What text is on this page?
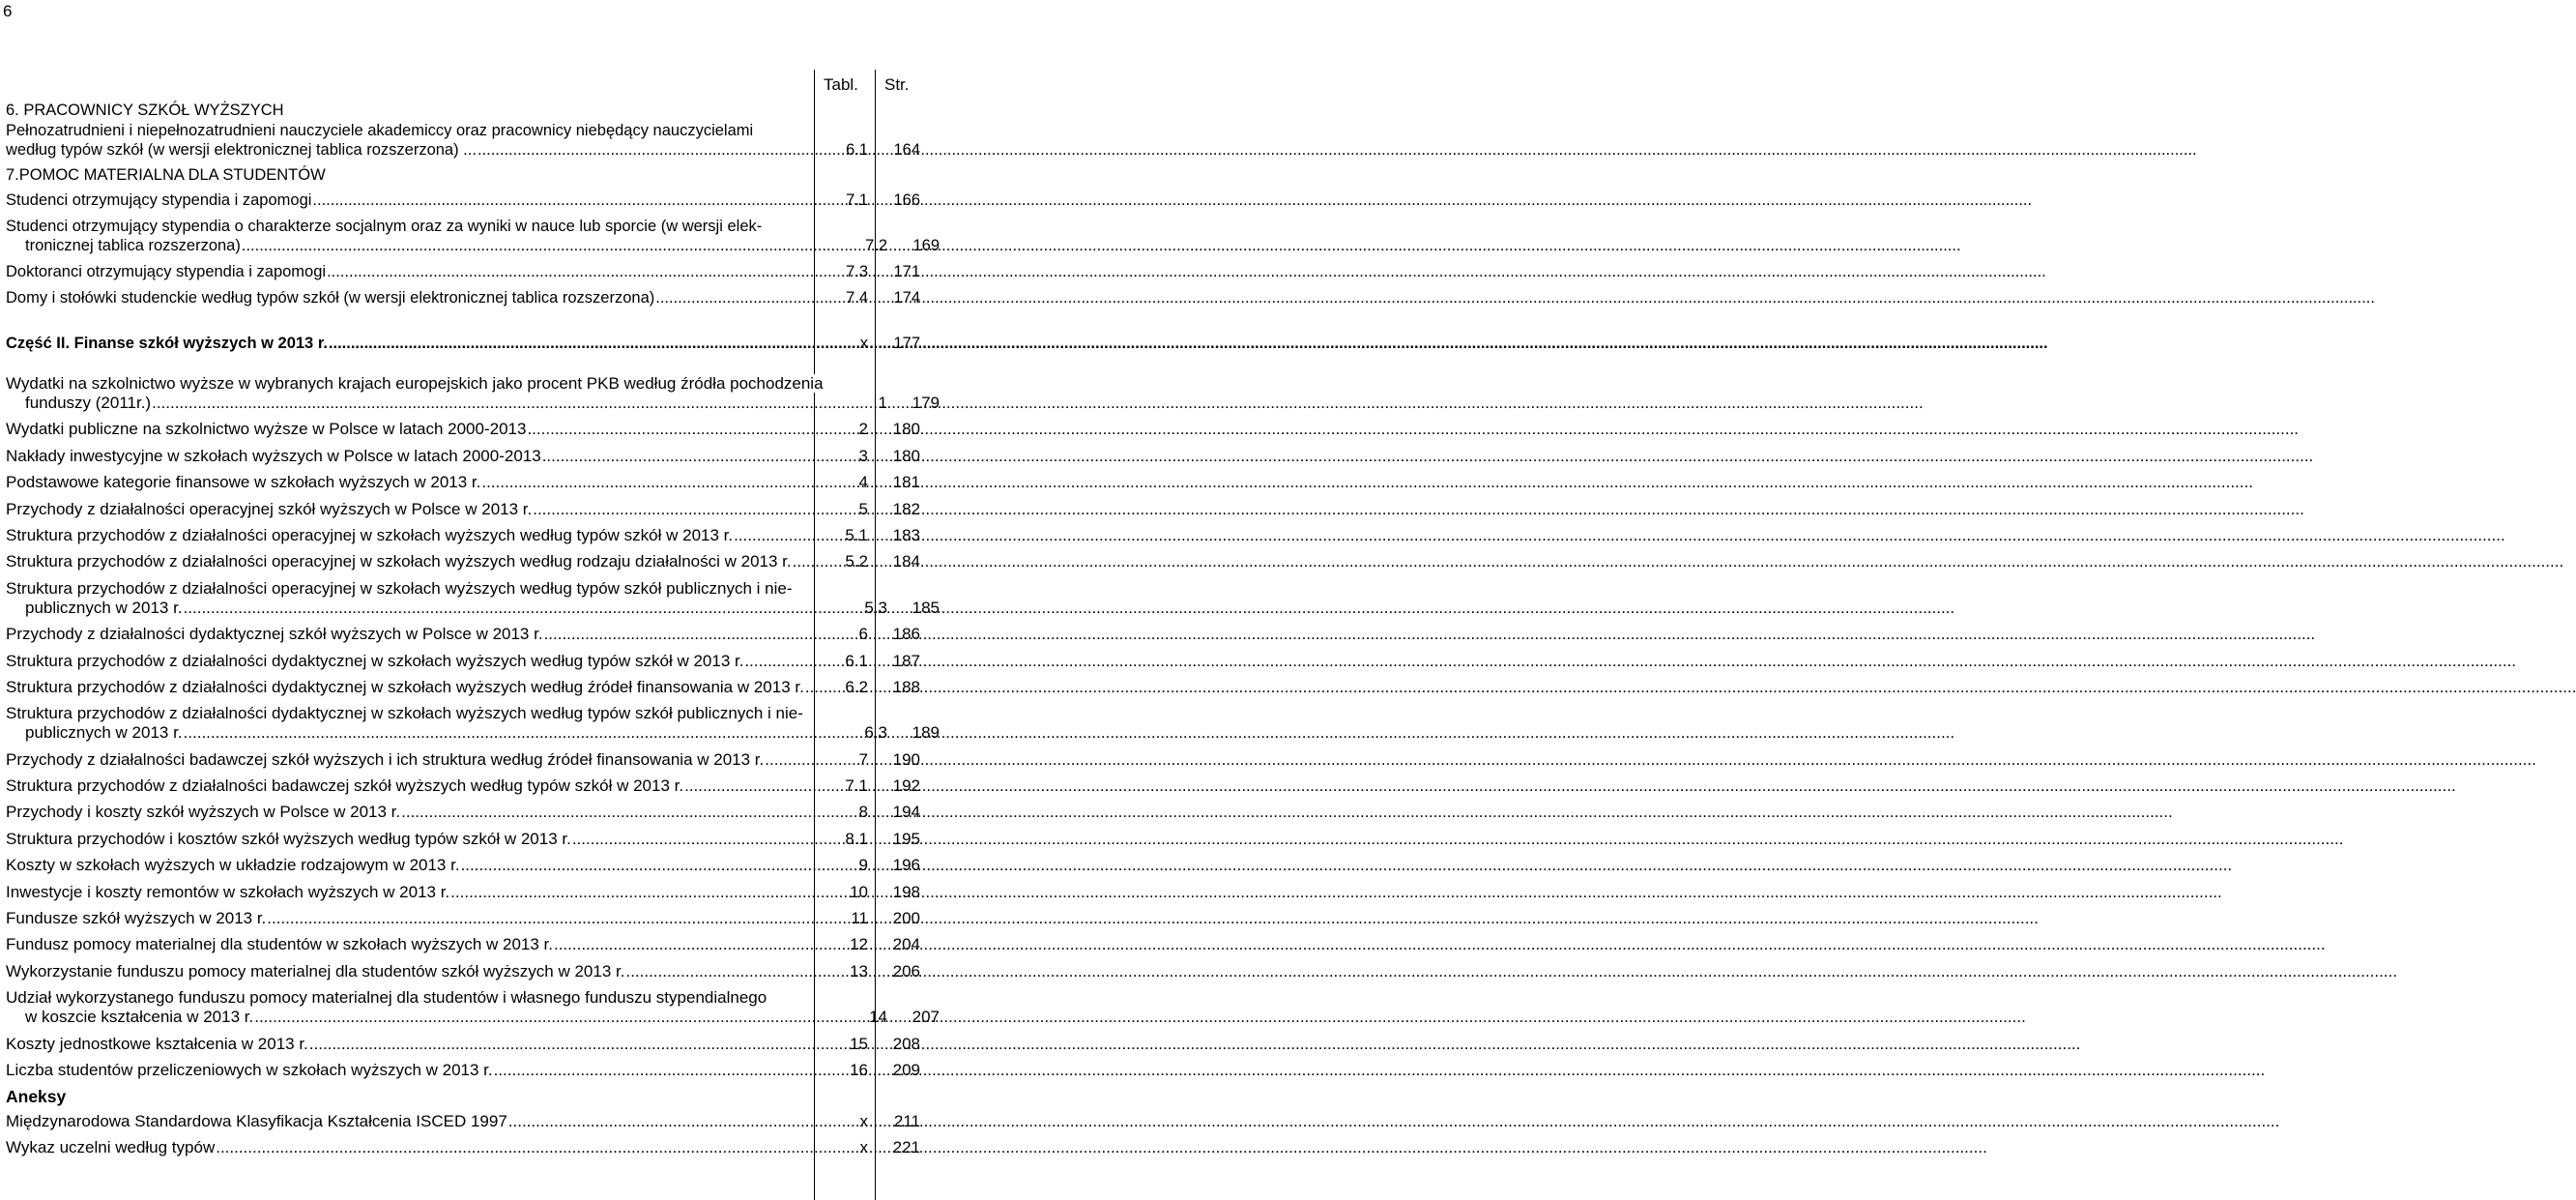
6
Tabl. Str.
6. PRACOWNICY SZKÓŁ WYŻSZYCH
Pełnozatrudnieni i niepełnozatrudnieni nauczyciele akademiccy oraz pracownicy niebędący nauczycielami
według typów szkół (w wersji elektronicznej tablica rozszerzona) ... .....	6.1	164
7.POMOC MATERIALNA DLA STUDENTÓW
Studenci otrzymujący stypendia i zapomogi .....	7.1	166
Studenci otrzymujący stypendia o charakterze socjalnym oraz za wyniki w nauce lub sporcie (w wersji elek-
tronicznej tablica rozszerzona) .....	7.2	169
Doktoranci otrzymujący stypendia i zapomogi .....	7.3	171
Domy i stołówki studenckie według typów szkół (w wersji elektronicznej tablica rozszerzona) .....	7.4	174
Część II. Finanse szkół wyższych w 2013 r. .....	x	177
Wydatki na szkolnictwo wyższe w wybranych krajach europejskich jako procent PKB według źródła pochodzenia
funduszy (2011r.) .....	1	179
Wydatki publiczne na szkolnictwo wyższe w Polsce w latach 2000-2013 .....	2	180
Nakłady inwestycyjne w szkołach wyższych w Polsce w latach 2000-2013 .....	3	180
Podstawowe kategorie finansowe w szkołach wyższych w 2013 r. .....	4	181
Przychody z działalności operacyjnej szkół wyższych w Polsce w 2013 r. .....	5	182
Struktura przychodów z działalności operacyjnej w szkołach wyższych według typów szkół w 2013 r. .....	5.1	183
Struktura przychodów z działalności operacyjnej w szkołach wyższych według rodzaju działalności w 2013 r. .....	5.2	184
Struktura przychodów z działalności operacyjnej w szkołach wyższych według typów szkół publicznych i nie-
publicznych w 2013 r. .....	5.3	185
Przychody z działalności dydaktycznej szkół wyższych w Polsce w 2013 r. .....	6	186
Struktura przychodów z działalności dydaktycznej w szkołach wyższych według typów szkół w 2013 r. .....	6.1	187
Struktura przychodów z działalności dydaktycznej w szkołach wyższych według źródeł finansowania w 2013 r. .....	6.2	188
Struktura przychodów z działalności dydaktycznej w szkołach wyższych według typów szkół publicznych i nie-
publicznych w 2013 r. .....	6.3	189
Przychody z działalności badawczej szkół wyższych i ich struktura według źródeł finansowania w 2013 r. .....	7	190
Struktura przychodów z działalności badawczej szkół wyższych według typów szkół w 2013 r. .....	7.1	192
Przychody i koszty szkół wyższych w Polsce w 2013 r. .....	8	194
Struktura przychodów i kosztów szkół wyższych według typów szkół w 2013 r. .....	8.1	195
Koszty w szkołach wyższych w układzie rodzajowym w 2013 r. .....	9	196
Inwestycje i koszty remontów w szkołach wyższych w 2013 r. .....	10	198
Fundusze szkół wyższych w 2013 r. .....	11	200
Fundusz pomocy materialnej dla studentów w szkołach wyższych w 2013 r. .....	12	204
Wykorzystanie funduszu pomocy materialnej dla studentów szkół wyższych w 2013 r. .....	13	206
Udział wykorzystanego funduszu pomocy materialnej dla studentów i własnego funduszu stypendialnego
w koszcie kształcenia w 2013 r. .....	14	207
Koszty jednostkowe kształcenia w 2013 r. .....	15	208
Liczba studentów przeliczeniowych w szkołach wyższych w 2013 r. .....	16	209
Aneksy
Międzynarodowa Standardowa Klasyfikacja Kształcenia ISCED 1997 .....	x	211
Wykaz uczelni według typów .....	x	221
